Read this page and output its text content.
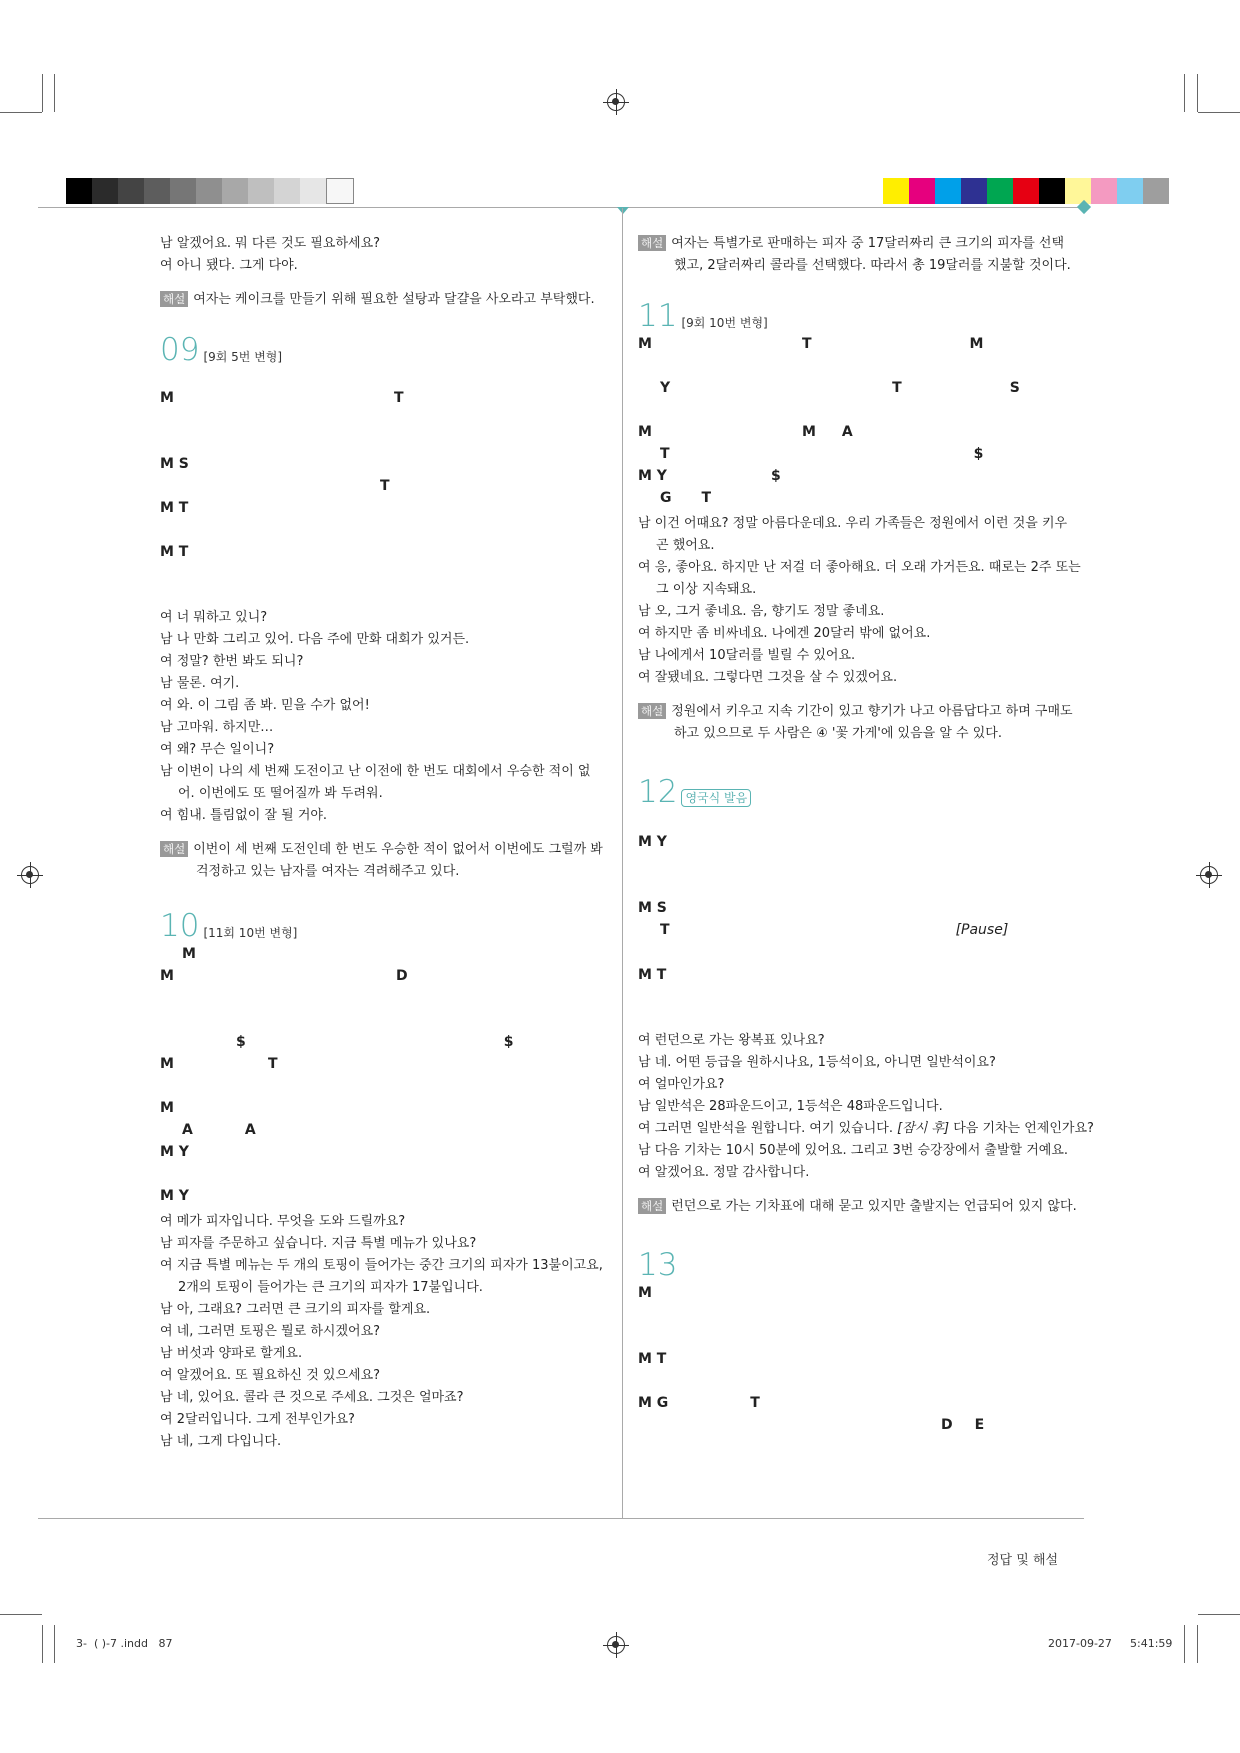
남 알겠어요. 뭐 다른 것도 필요하세요?
여 아니 됐다. 그게 다야.
해설 여자는 케이크를 만들기 위해 필요한 설탕과 달걀을 사오라고 부탁했다.
09 [9회 5번 변형]
M	T
M S
T
M T
M T
여 너 뭐하고 있니?
남 나 만화 그리고 있어. 다음 주에 만화 대회가 있거든.
여 정말? 한번 봐도 되니?
남 물론. 여기.
여 와. 이 그림 좀 봐. 믿을 수가 없어!
남 고마워. 하지만…
여 왜? 무슨 일이니?
남 이번이 나의 세 번째 도전이고 난 이전에 한 번도 대회에서 우승한 적이 없
어. 이번에도 또 떨어질까 봐 두려워.
여 힘내. 틀림없이 잘 될 거야.
해설 이번이 세 번째 도전인데 한 번도 우승한 적이 없어서 이번에도 그럴까 봐
걱정하고 있는 남자를 여자는 격려해주고 있다.
10 [11회 10번 변형]
M
M	D
$	$
M	T
M
A	A
M Y
M Y
여 메가 피자입니다. 무엇을 도와 드릴까요?
남 피자를 주문하고 싶습니다. 지금 특별 메뉴가 있나요?
여 지금 특별 메뉴는 두 개의 토핑이 들어가는 중간 크기의 피자가 13불이고요,
2개의 토핑이 들어가는 큰 크기의 피자가 17불입니다.
남 아, 그래요? 그러면 큰 크기의 피자를 할게요.
여 네, 그러면 토핑은 뭘로 하시겠어요?
남 버섯과 양파로 할게요.
여 알겠어요. 또 필요하신 것 있으세요?
남 네, 있어요. 콜라 큰 것으로 주세요. 그것은 얼마죠?
여 2달러입니다. 그게 전부인가요?
남 네, 그게 다입니다.
해설 여자는 특별가로 판매하는 피자 중 17달러짜리 큰 크기의 피자를 선택
했고, 2달러짜리 콜라를 선택했다. 따라서 총 19달러를 지불할 것이다.
11 [9회 10번 변형]
M	T	M
Y	T	S
M	M A
T	$
M Y	$
G T
남 이건 어때요? 정말 아름다운데요. 우리 가족들은 정원에서 이런 것을 키우
곤 했어요.
여 응, 좋아요. 하지만 난 저걸 더 좋아해요. 더 오래 가거든요. 때로는 2주 또는
그 이상 지속돼요.
남 오, 그거 좋네요. 음, 향기도 정말 좋네요.
여 하지만 좀 비싸네요. 나에겐 20달러 밖에 없어요.
남 나에게서 10달러를 빌릴 수 있어요.
여 잘됐네요. 그렇다면 그것을 살 수 있겠어요.
해설 정원에서 키우고 지속 기간이 있고 향기가 나고 아름답다고 하며 구매도
하고 있으므로 두 사람은 ④ '꽃 가게'에 있음을 알 수 있다.
12 영국식 발음
M Y
M S
T	[Pause]
M T
여 런던으로 가는 왕복표 있나요?
남 네. 어떤 등급을 원하시나요, 1등석이요, 아니면 일반석이요?
여 얼마인가요?
남 일반석은 28파운드이고, 1등석은 48파운드입니다.
여 그러면 일반석을 원합니다. 여기 있습니다. [잠시 후] 다음 기차는 언제인가요?
남 다음 기차는 10시 50분에 있어요. 그리고 3번 승강장에서 출발할 거예요.
여 알겠어요. 정말 감사합니다.
해설 런던으로 가는 기차표에 대해 묻고 있지만 출발지는 언급되어 있지 않다.
13
M
M T
M G	T
D E
정답 및 해설
3-  ( )-7 .indd   87	2017-09-27 5:41:59
